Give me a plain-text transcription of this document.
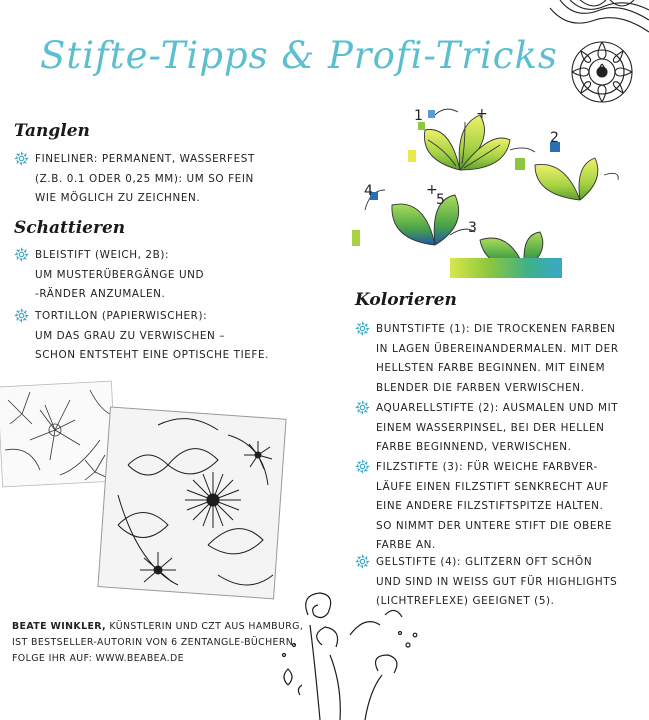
Stifte-Tipps & Profi-Tricks
Tanglen
FINELINER: PERMANENT, WASSERFEST
(Z.B. 0.1 ODER 0,25 MM): UM SO FEIN
WIE MÖGLICH ZU ZEICHNEN.
Schattieren
BLEISTIFT (WEICH, 2B):
UM MUSTERÜBERGÄNGE UND
-RÄNDER ANZUMALEN.
TORTILLON (PAPIERWISCHER):
UM DAS GRAU ZU VERWISCHEN –
SCHON ENTSTEHT EINE OPTISCHE TIEFE.
1	+
2
3
4	+
5
Kolorieren
BUNTSTIFTE (1): DIE TROCKENEN FARBEN
IN LAGEN ÜBEREINANDERMALEN. MIT DER
HELLSTEN FARBE BEGINNEN. MIT EINEM
BLENDER DIE FARBEN VERWISCHEN.
AQUARELLSTIFTE (2): AUSMALEN UND MIT
EINEM WASSERPINSEL, BEI DER HELLEN
FARBE BEGINNEND, VERWISCHEN.
FILZSTIFTE (3): FÜR WEICHE FARBVER-
LÄUFE EINEN FILZSTIFT SENKRECHT AUF
EINE ANDERE FILZSTIFTSPITZE HALTEN.
SO NIMMT DER UNTERE STIFT DIE OBERE
FARBE AN.
GELSTIFTE (4): GLITZERN OFT SCHÖN
UND SIND IN WEISS GUT FÜR HIGHLIGHTS
(LICHTREFLEXE) GEEIGNET (5).
BEATE WINKLER, KÜNSTLERIN UND CZT AUS HAMBURG,
IST BESTSELLER-AUTORIN VON 6 ZENTANGLE-BÜCHERN.
FOLGE IHR AUF: WWW.BEABEA.DE
